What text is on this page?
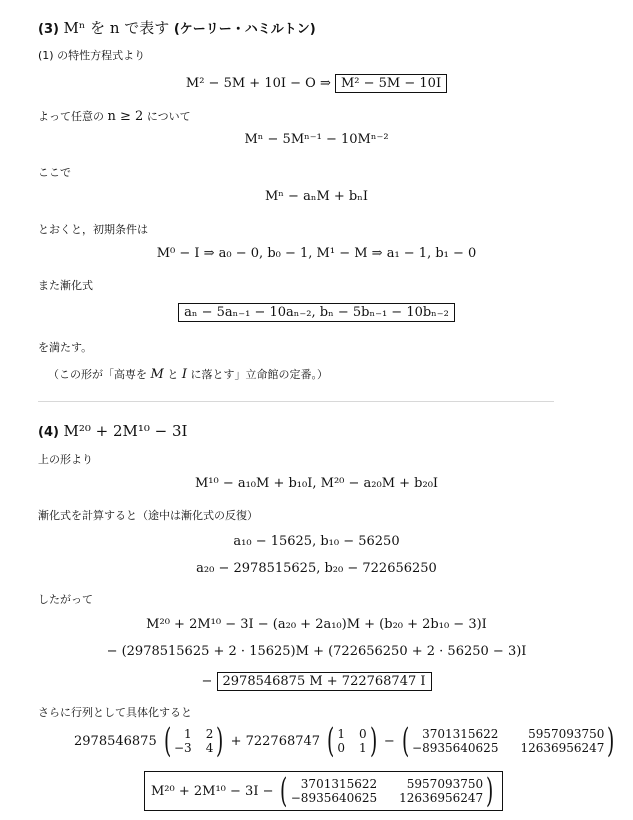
(3) Mⁿ を n で表す (ケーリー・ハミルトン)
(1) の特性方程式より
M² − 5M + 10I − O ⇒ M² − 5M − 10I
よって任意の n ≥ 2 について
Mⁿ − 5Mⁿ⁻¹ − 10Mⁿ⁻²
ここで
Mⁿ − aₙM + bₙI
とおくと，初期条件は
M⁰ − I ⇒ a₀ − 0, b₀ − 1, M¹ − M ⇒ a₁ − 1, b₁ − 0
また漸化式
aₙ − 5aₙ₋₁ − 10aₙ₋₂, bₙ − 5bₙ₋₁ − 10bₙ₋₂
を満たす。
（この形が「高専を M と I に落とす」立命館の定番。）
(4) M²⁰ + 2M¹⁰ − 3I
上の形より
M¹⁰ − a₁₀M + b₁₀I, M²⁰ − a₂₀M + b₂₀I
漸化式を計算すると（途中は漸化式の反復）
a₁₀ − 15625, b₁₀ − 56250
a₂₀ − 2978515625, b₂₀ − 722656250
したがって
M²⁰ + 2M¹⁰ − 3I − (a₂₀ + 2a₁₀)M + (b₂₀ + 2b₁₀ − 3)I
− (2978515625 + 2 · 15625)M + (722656250 + 2 · 56250 − 3)I
− 2978546875 M + 722768747 I
さらに行列として具体化すると
2978546875 (	1 2
−3 4 ) + 722768747 ( 1 0
0 1 ) − (	3701315622	5957093750
−8935640625 12636956247 )
M²⁰ + 2M¹⁰ − 3I − (	3701315622	5957093750
−8935640625 12636956247 )
